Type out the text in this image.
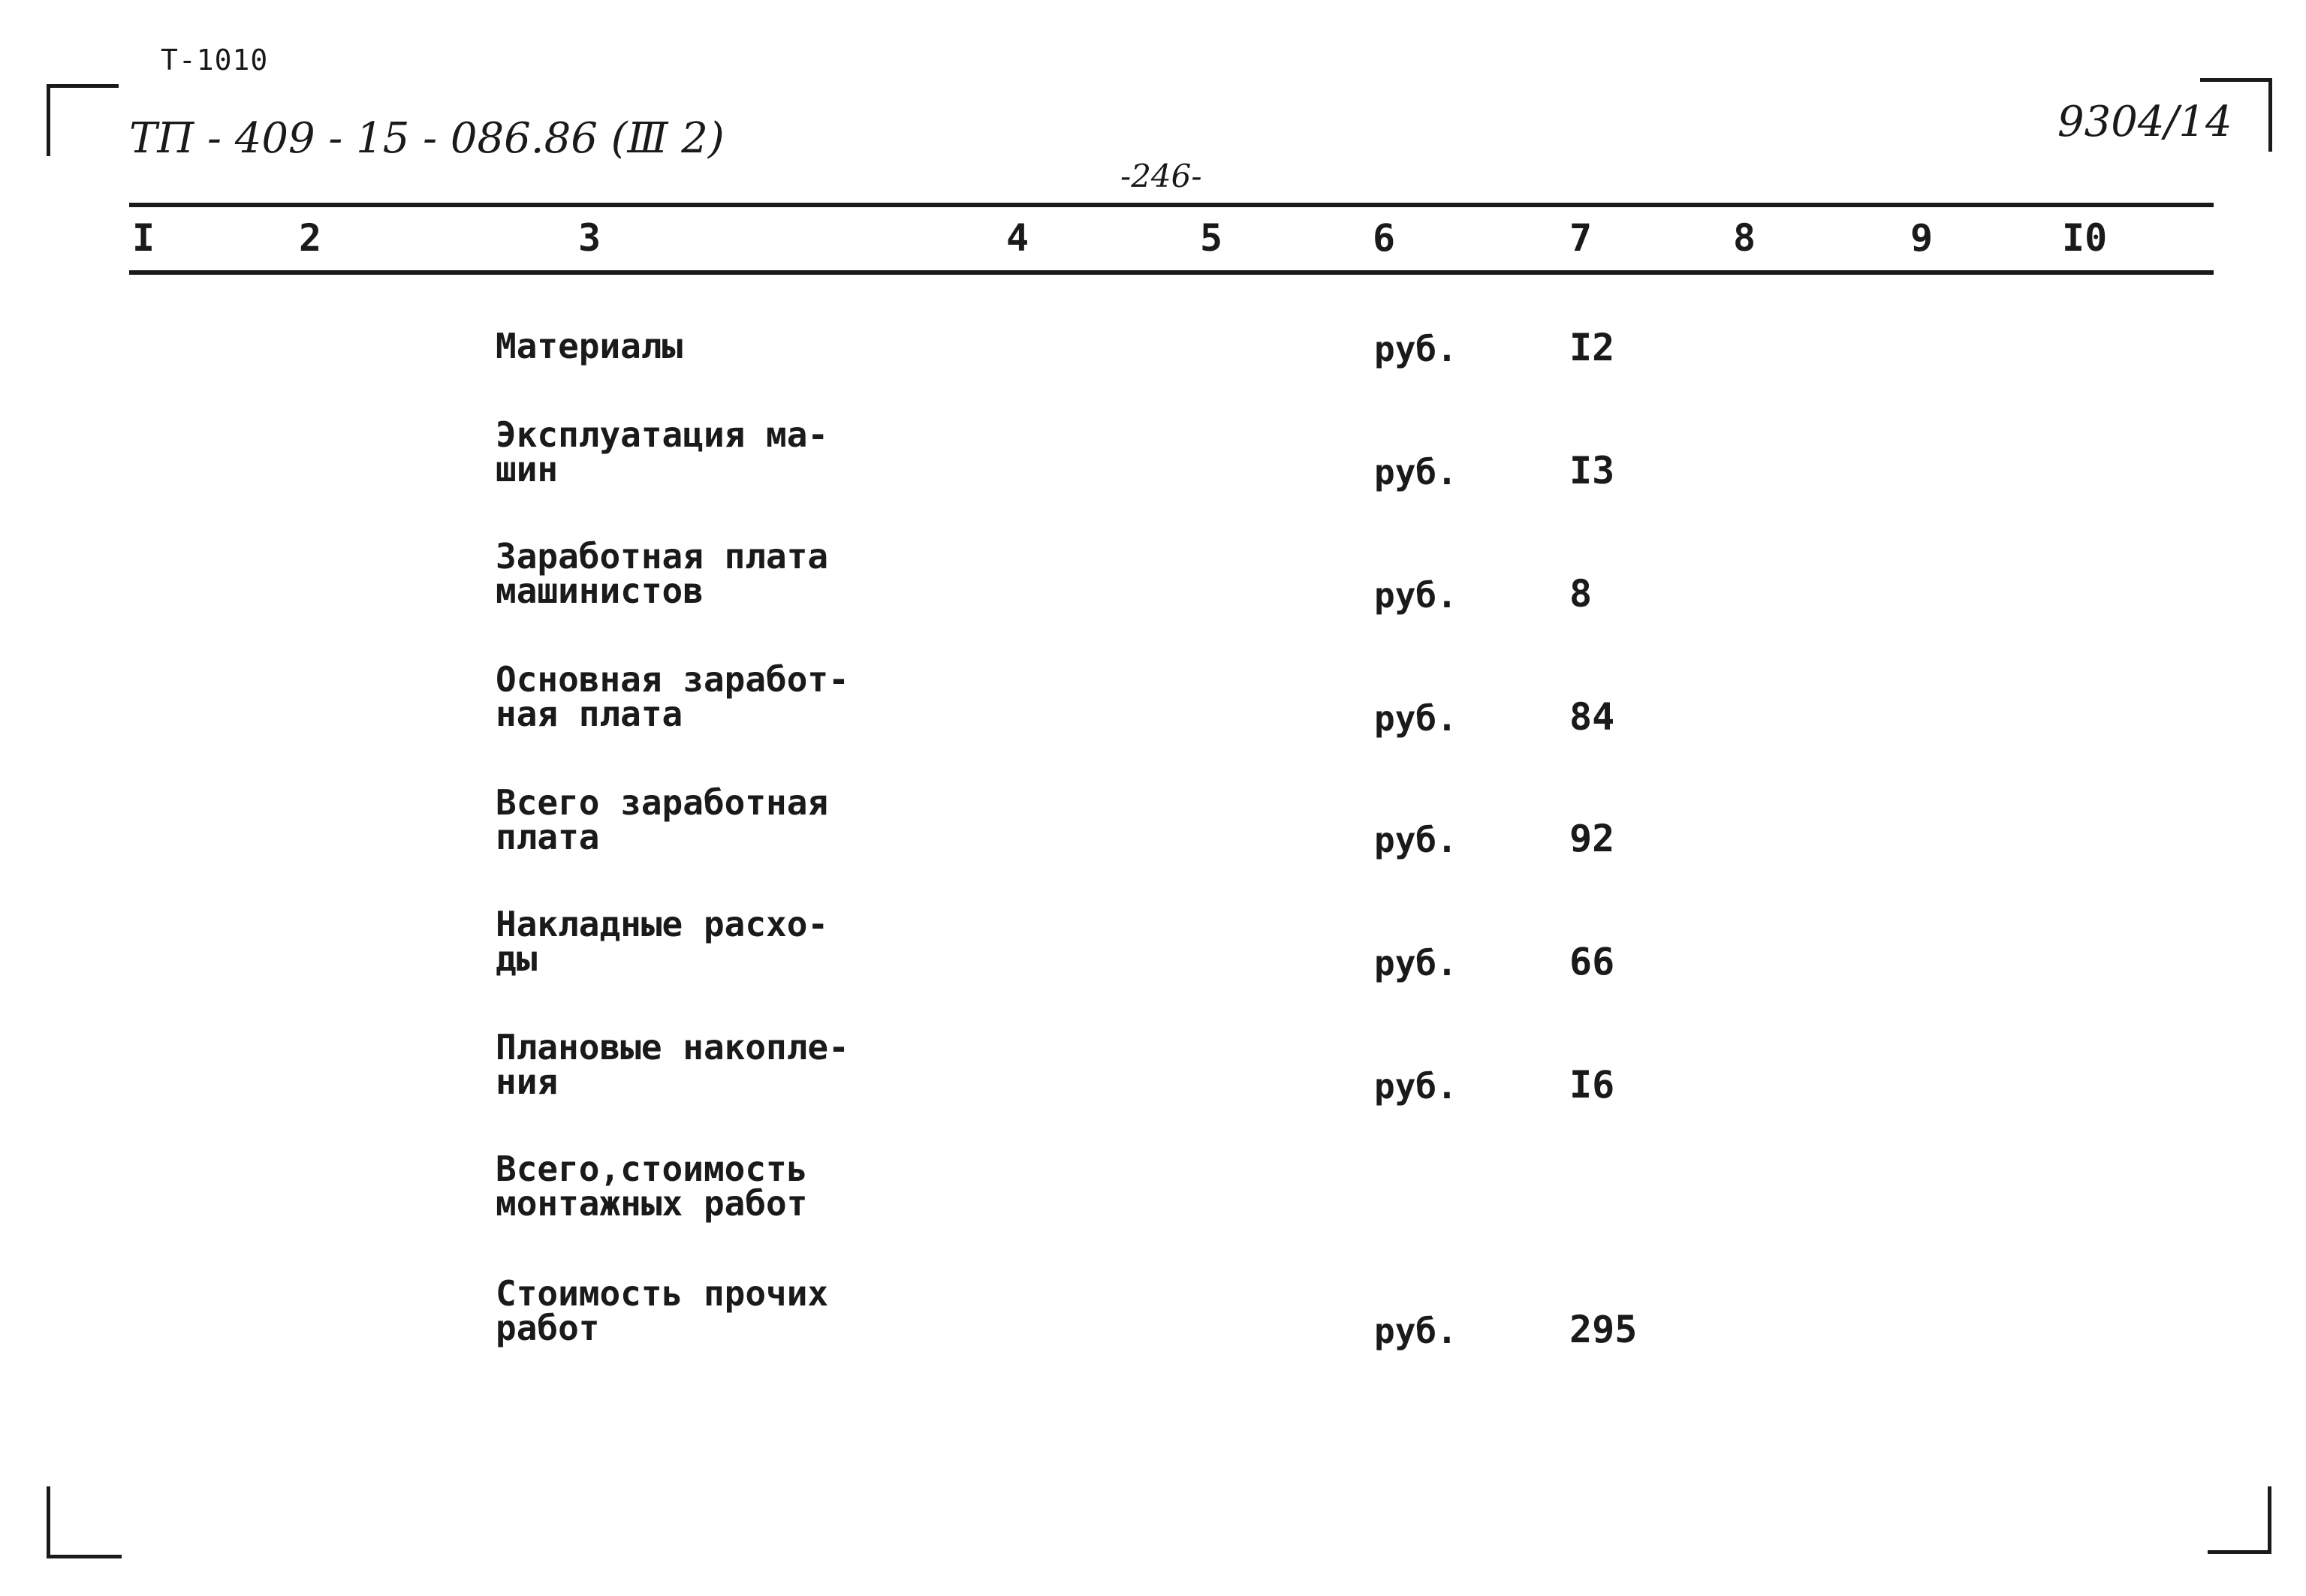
Т-1010
ТП - 409 - 15 - 086.86 (Ⅲ 2)
-246-
9304/14
I	2	3	4	5	6	7	8	9	I0
Материалы	руб.	I2
Эксплуатация ма-
шин	руб.	I3
Заработная плата
машинистов	руб.	8
Основная заработ-
ная плата	руб.	84
Всего заработная
плата	руб.	92
Накладные расхо-
ды	руб.	66
Плановые накопле-
ния	руб.	I6
Всего,стоимость
монтажных работ
Стоимость прочих
работ	руб.	295
